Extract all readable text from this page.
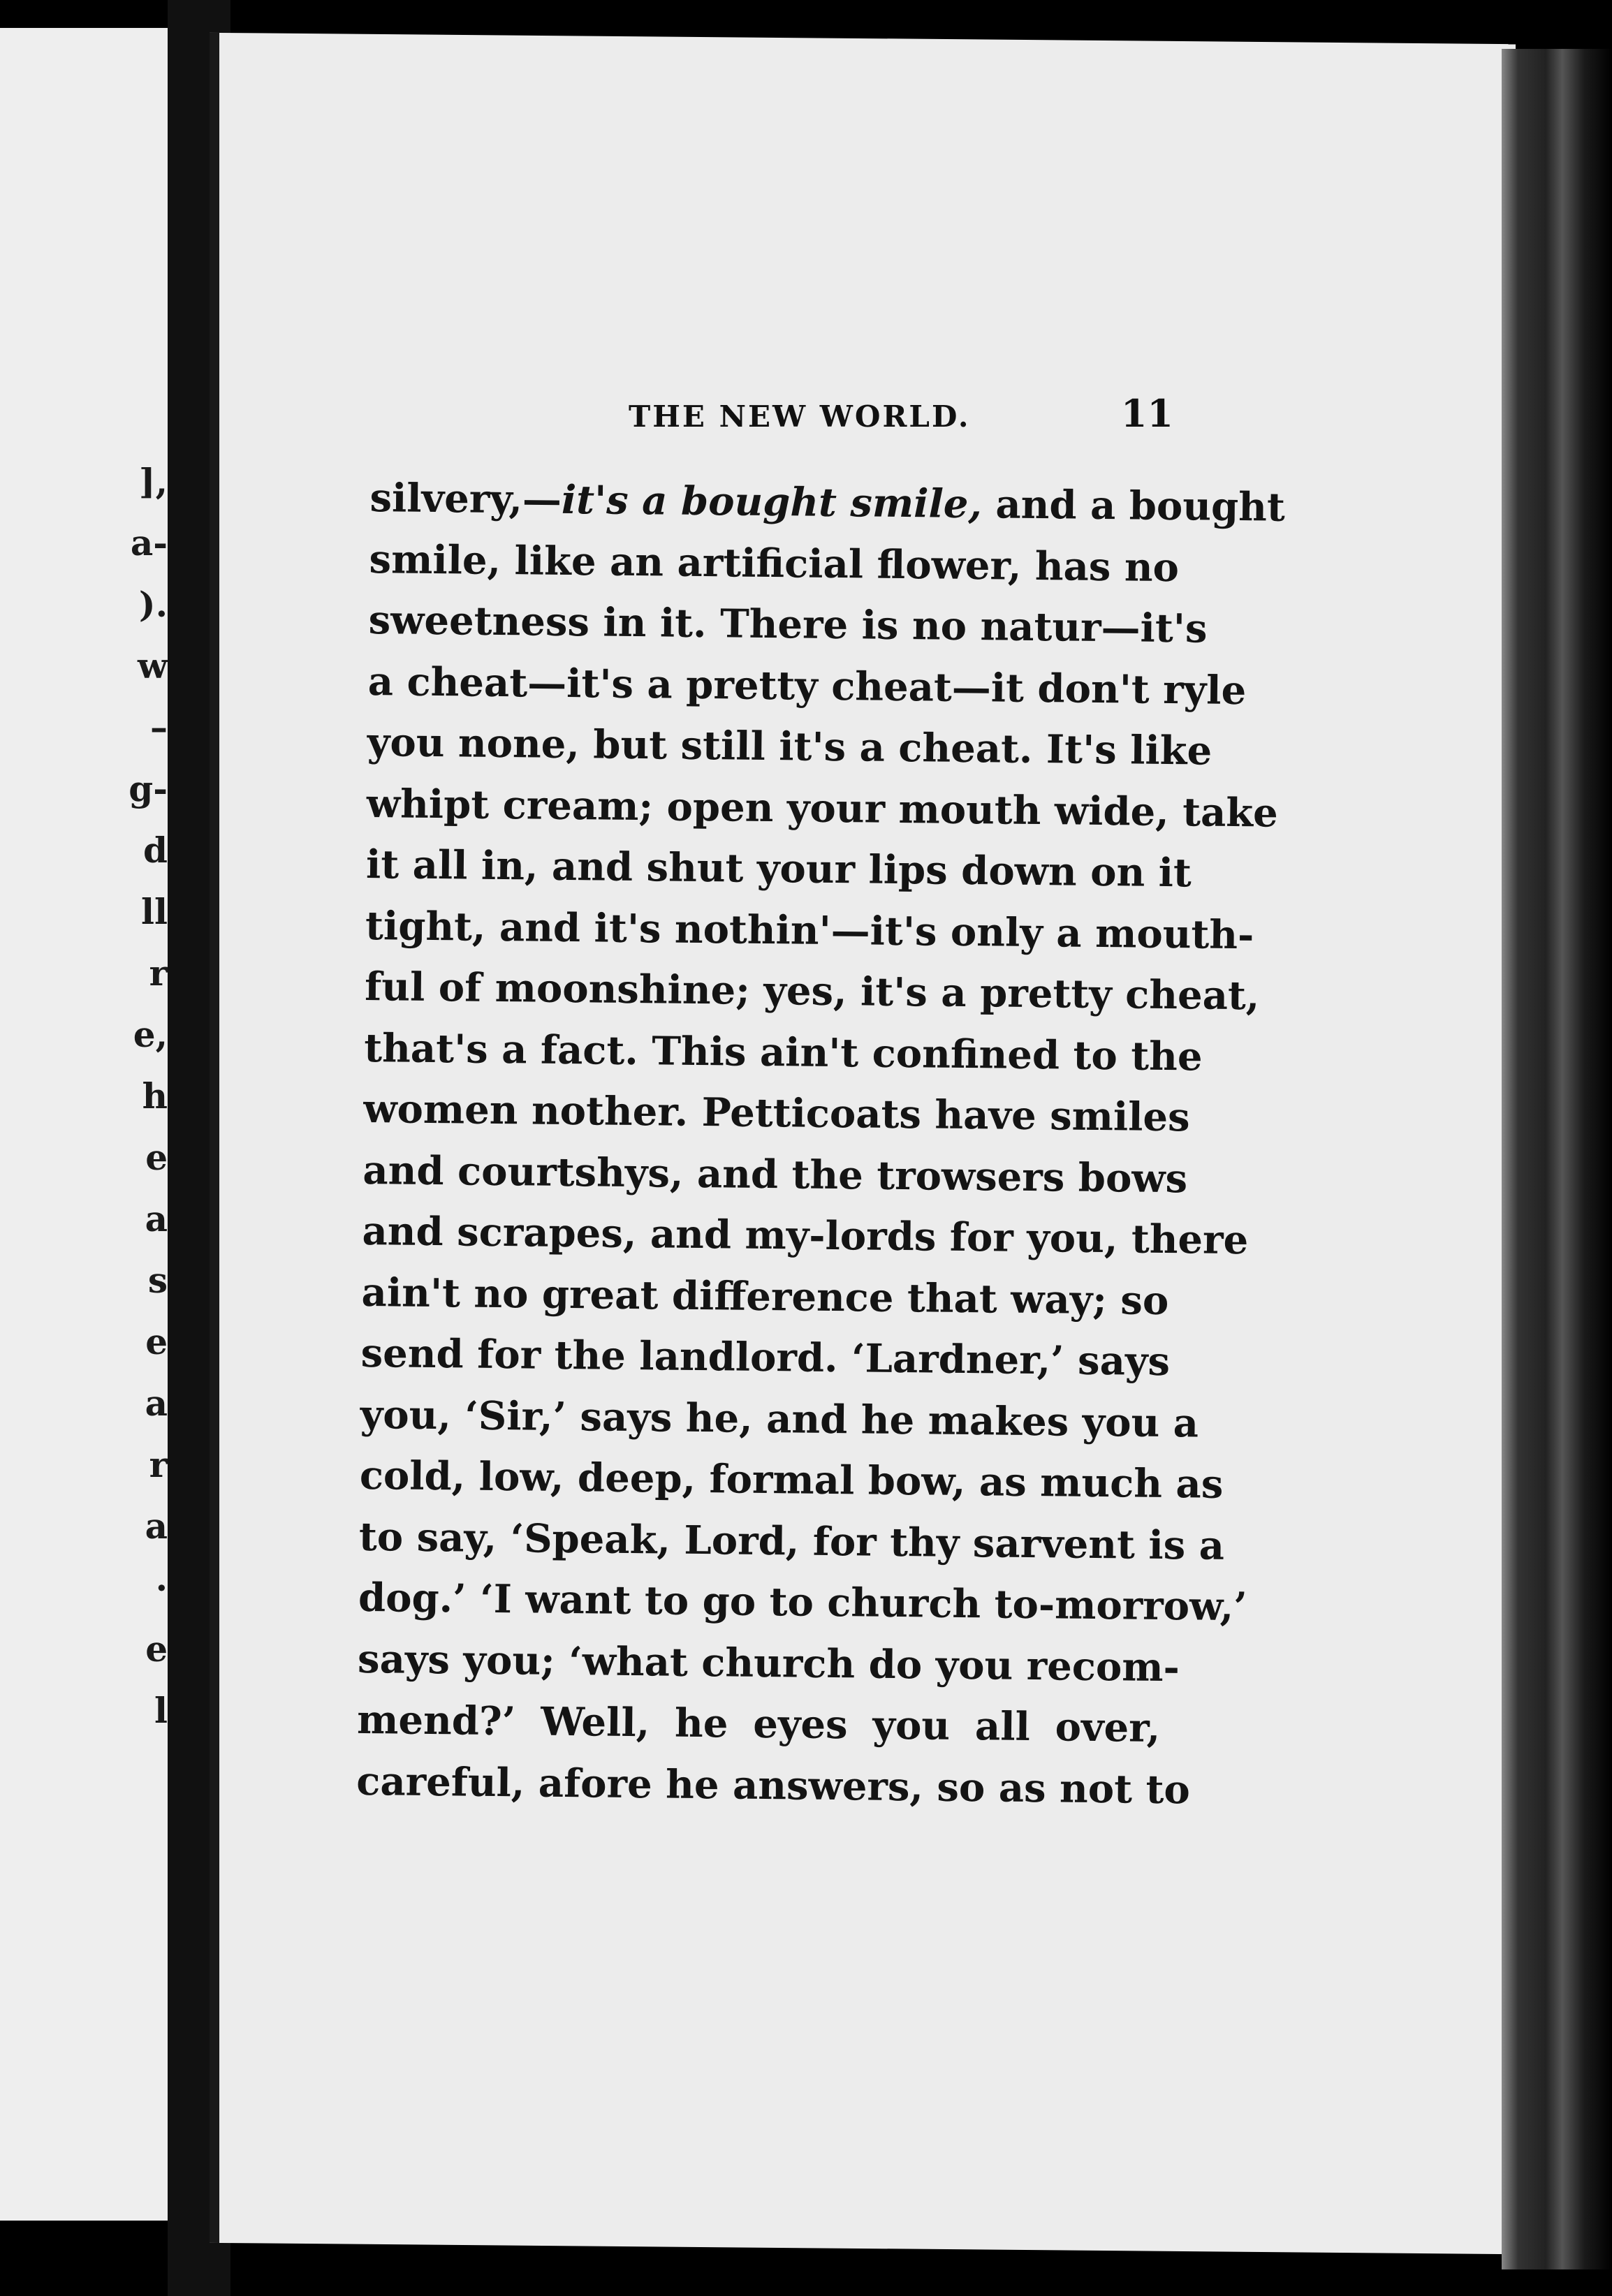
],
a-
).
w
–
g-
d
ll
r
e,
h
e
a
s
e
a
r
a
·
e
l
THE NEW WORLD.	11
silvery,—it's a bought smile, and a bought
smile, like an artificial flower, has no
sweetness in it. There is no natur—it's
a cheat—it's a pretty cheat—it don't ryle
you none, but still it's a cheat. It's like
whipt cream; open your mouth wide, take
it all in, and shut your lips down on it
tight, and it's nothin'—it's only a mouth-
ful of moonshine; yes, it's a pretty cheat,
that's a fact. This ain't confined to the
women nother. Petticoats have smiles
and courtshys, and the trowsers bows
and scrapes, and my-lords for you, there
ain't no great difference that way; so
send for the landlord. ‘Lardner,’ says
you, ‘Sir,’ says he, and he makes you a
cold, low, deep, formal bow, as much as
to say, ‘Speak, Lord, for thy sarvent is a
dog.’ ‘I want to go to church to-morrow,’
says you; ‘what church do you recom-
mend?’ Well, he eyes you all over,
careful, afore he answers, so as not to
